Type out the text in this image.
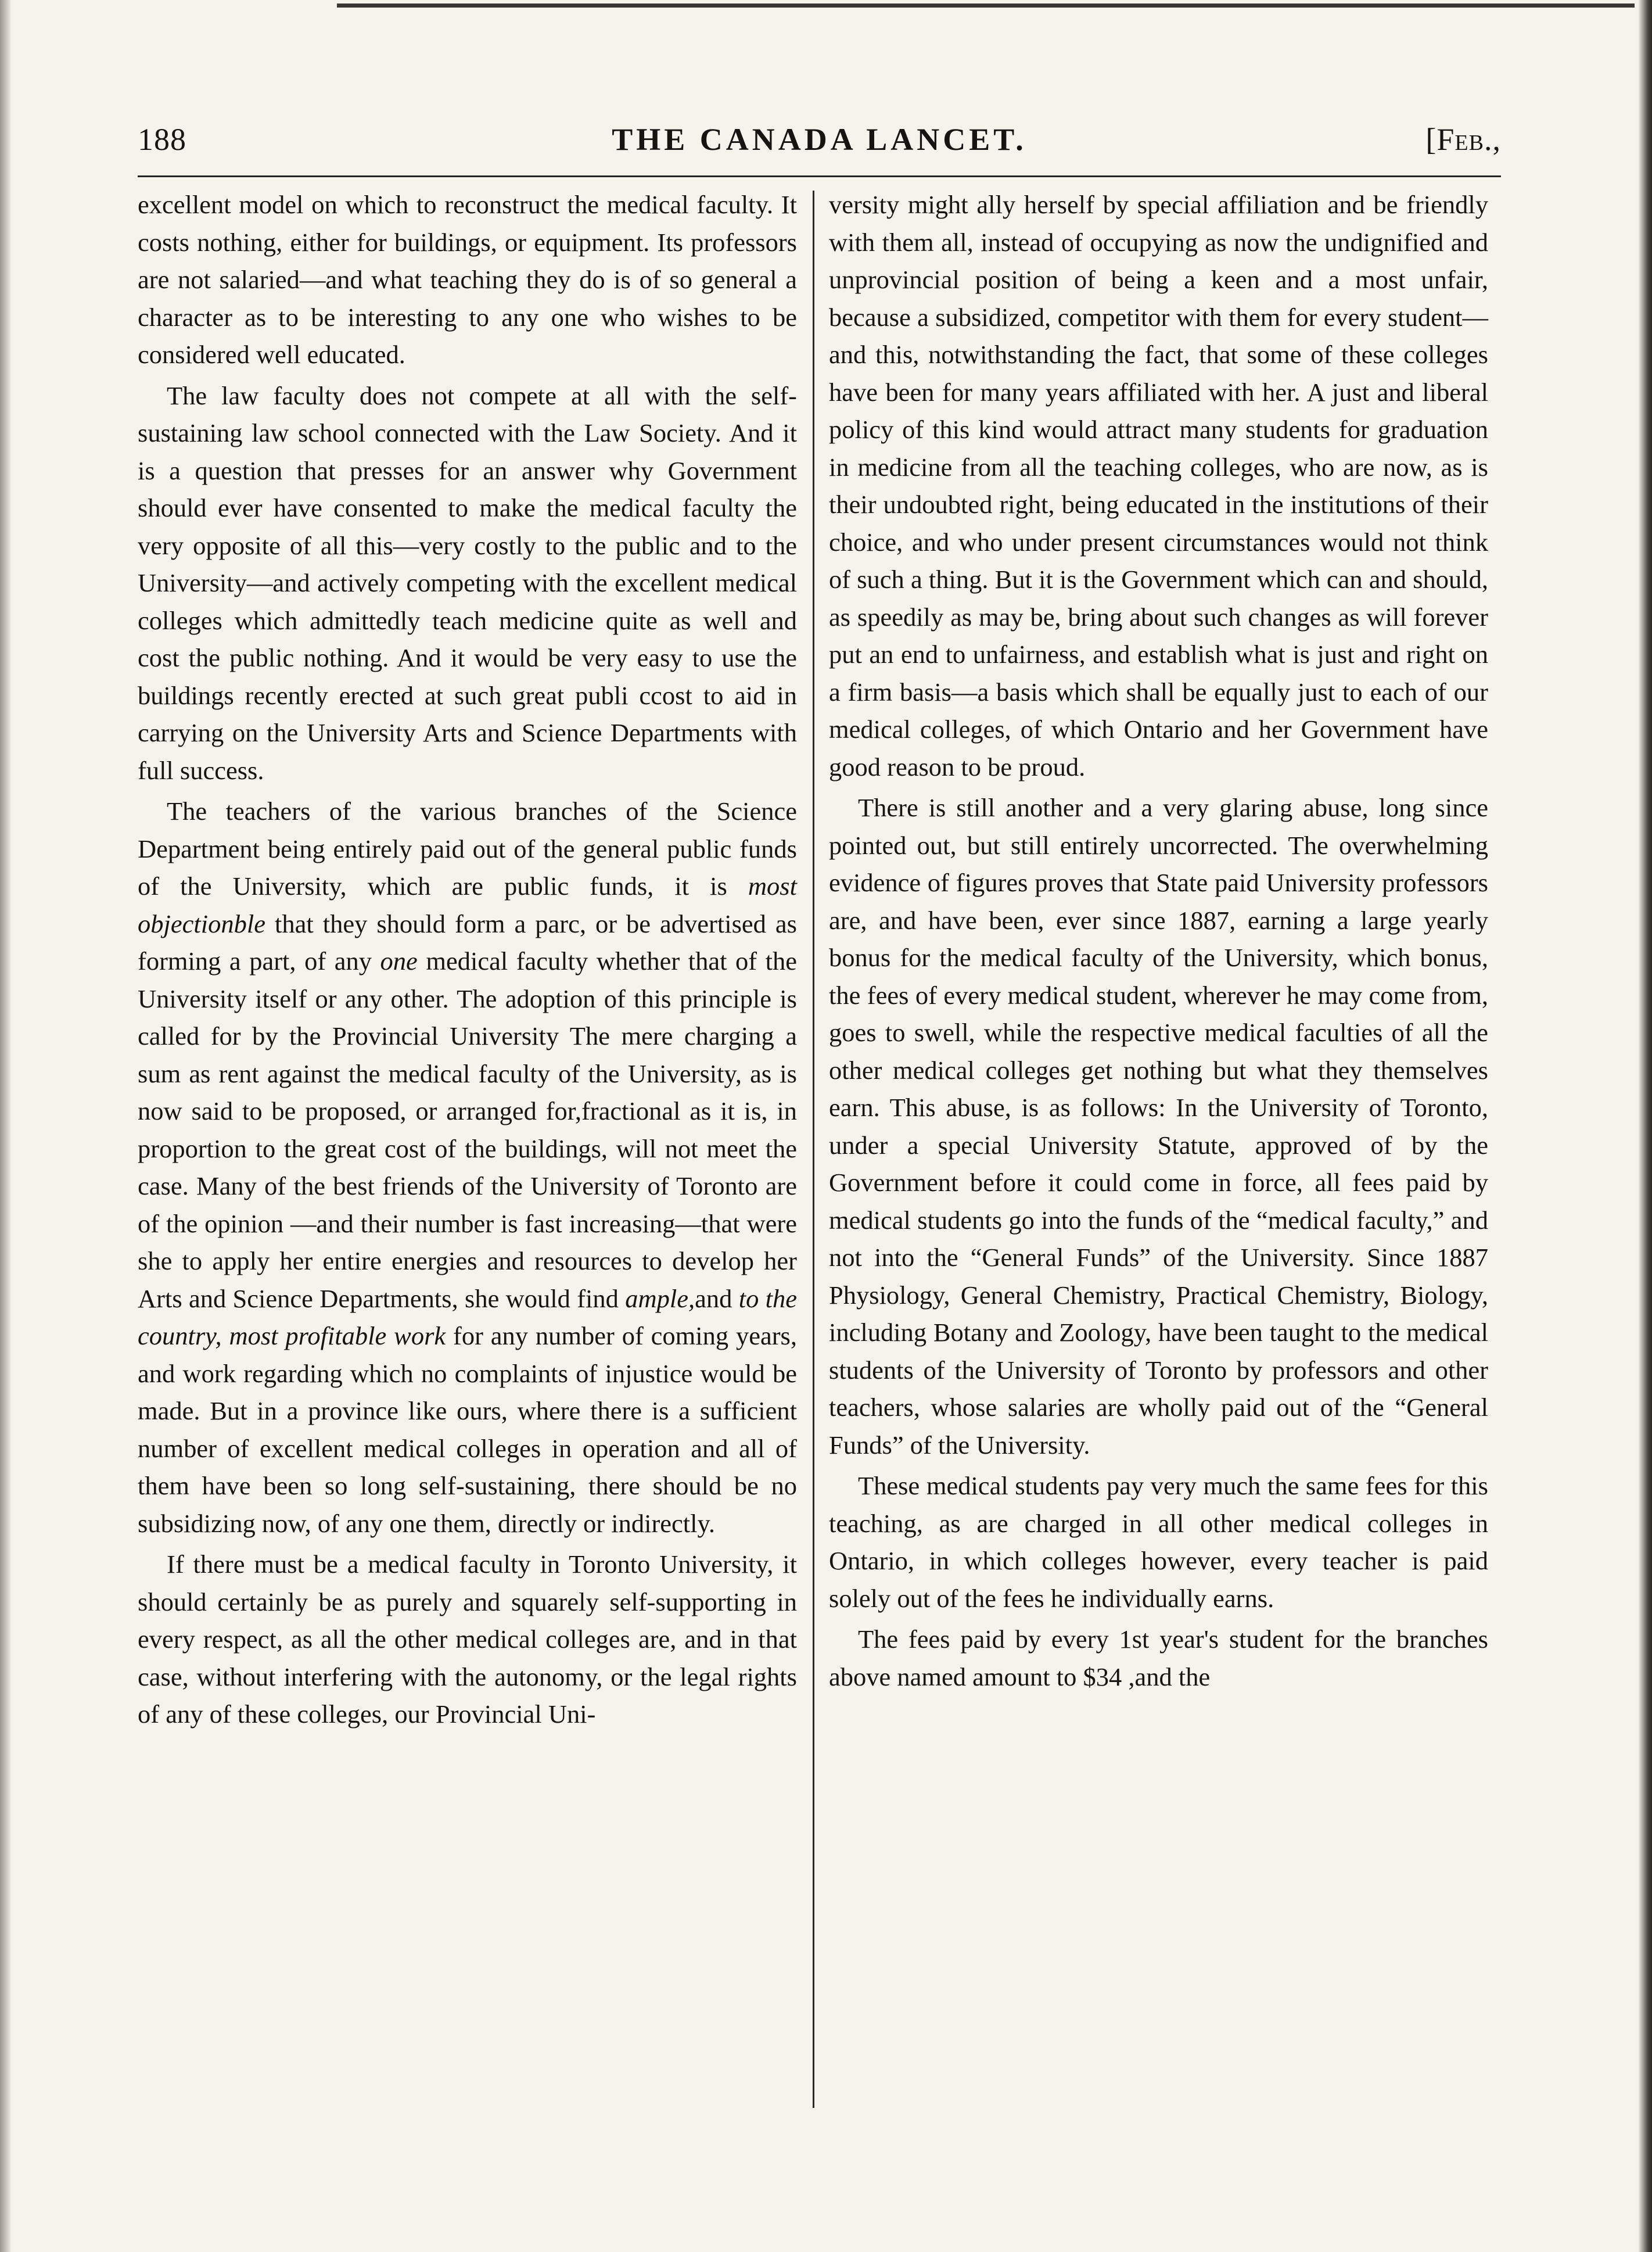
188	THE CANADA LANCET.	[Feb.,

excellent model on which to reconstruct the medical faculty. It costs nothing, either for buildings, or equipment. Its professors are not salaried—and what teaching they do is of so general a character as to be interesting to any one who wishes to be considered well educated.

The law faculty does not compete at all with the self-sustaining law school connected with the Law Society. And it is a question that presses for an answer why Government should ever have consented to make the medical faculty the very opposite of all this—very costly to the public and to the University—and actively competing with the excellent medical colleges which admittedly teach medicine quite as well and cost the public nothing. And it would be very easy to use the buildings recently erected at such great publi ccost to aid in carrying on the University Arts and Science Departments with full success.

The teachers of the various branches of the Science Department being entirely paid out of the general public funds of the University, which are public funds, it is most objectionble that they should form a parc, or be advertised as forming a part, of any one medical faculty whether that of the University itself or any other. The adoption of this principle is called for by the Provincial University The mere charging a sum as rent against the medical faculty of the University, as is now said to be proposed, or arranged for,fractional as it is, in proportion to the great cost of the buildings, will not meet the case. Many of the best friends of the University of Toronto are of the opinion —and their number is fast increasing—that were she to apply her entire energies and resources to develop her Arts and Science Departments, she would find ample,and to the country, most profitable work for any number of coming years, and work regarding which no complaints of injustice would be made. But in a province like ours, where there is a sufficient number of excellent medical colleges in operation and all of them have been so long self-sustaining, there should be no subsidizing now, of any one them, directly or indirectly.

If there must be a medical faculty in Toronto University, it should certainly be as purely and squarely self-supporting in every respect, as all the other medical colleges are, and in that case, without interfering with the autonomy, or the legal rights of any of these colleges, our Provincial Uni-

versity might ally herself by special affiliation and be friendly with them all, instead of occupying as now the undignified and unprovincial position of being a keen and a most unfair, because a subsidized, competitor with them for every student—and this, notwithstanding the fact, that some of these colleges have been for many years affiliated with her. A just and liberal policy of this kind would attract many students for graduation in medicine from all the teaching colleges, who are now, as is their undoubted right, being educated in the institutions of their choice, and who under present circumstances would not think of such a thing. But it is the Government which can and should, as speedily as may be, bring about such changes as will forever put an end to unfairness, and establish what is just and right on a firm basis—a basis which shall be equally just to each of our medical colleges, of which Ontario and her Government have good reason to be proud.

There is still another and a very glaring abuse, long since pointed out, but still entirely uncorrected. The overwhelming evidence of figures proves that State paid University professors are, and have been, ever since 1887, earning a large yearly bonus for the medical faculty of the University, which bonus, the fees of every medical student, wherever he may come from, goes to swell, while the respective medical faculties of all the other medical colleges get nothing but what they themselves earn. This abuse, is as follows: In the University of Toronto, under a special University Statute, approved of by the Government before it could come in force, all fees paid by medical students go into the funds of the “medical faculty,” and not into the “General Funds” of the University. Since 1887 Physiology, General Chemistry, Practical Chemistry, Biology, including Botany and Zoology, have been taught to the medical students of the University of Toronto by professors and other teachers, whose salaries are wholly paid out of the “General Funds” of the University.

These medical students pay very much the same fees for this teaching, as are charged in all other medical colleges in Ontario, in which colleges however, every teacher is paid solely out of the fees he individually earns.

The fees paid by every 1st year's student for the branches above named amount to $34 ,and the
